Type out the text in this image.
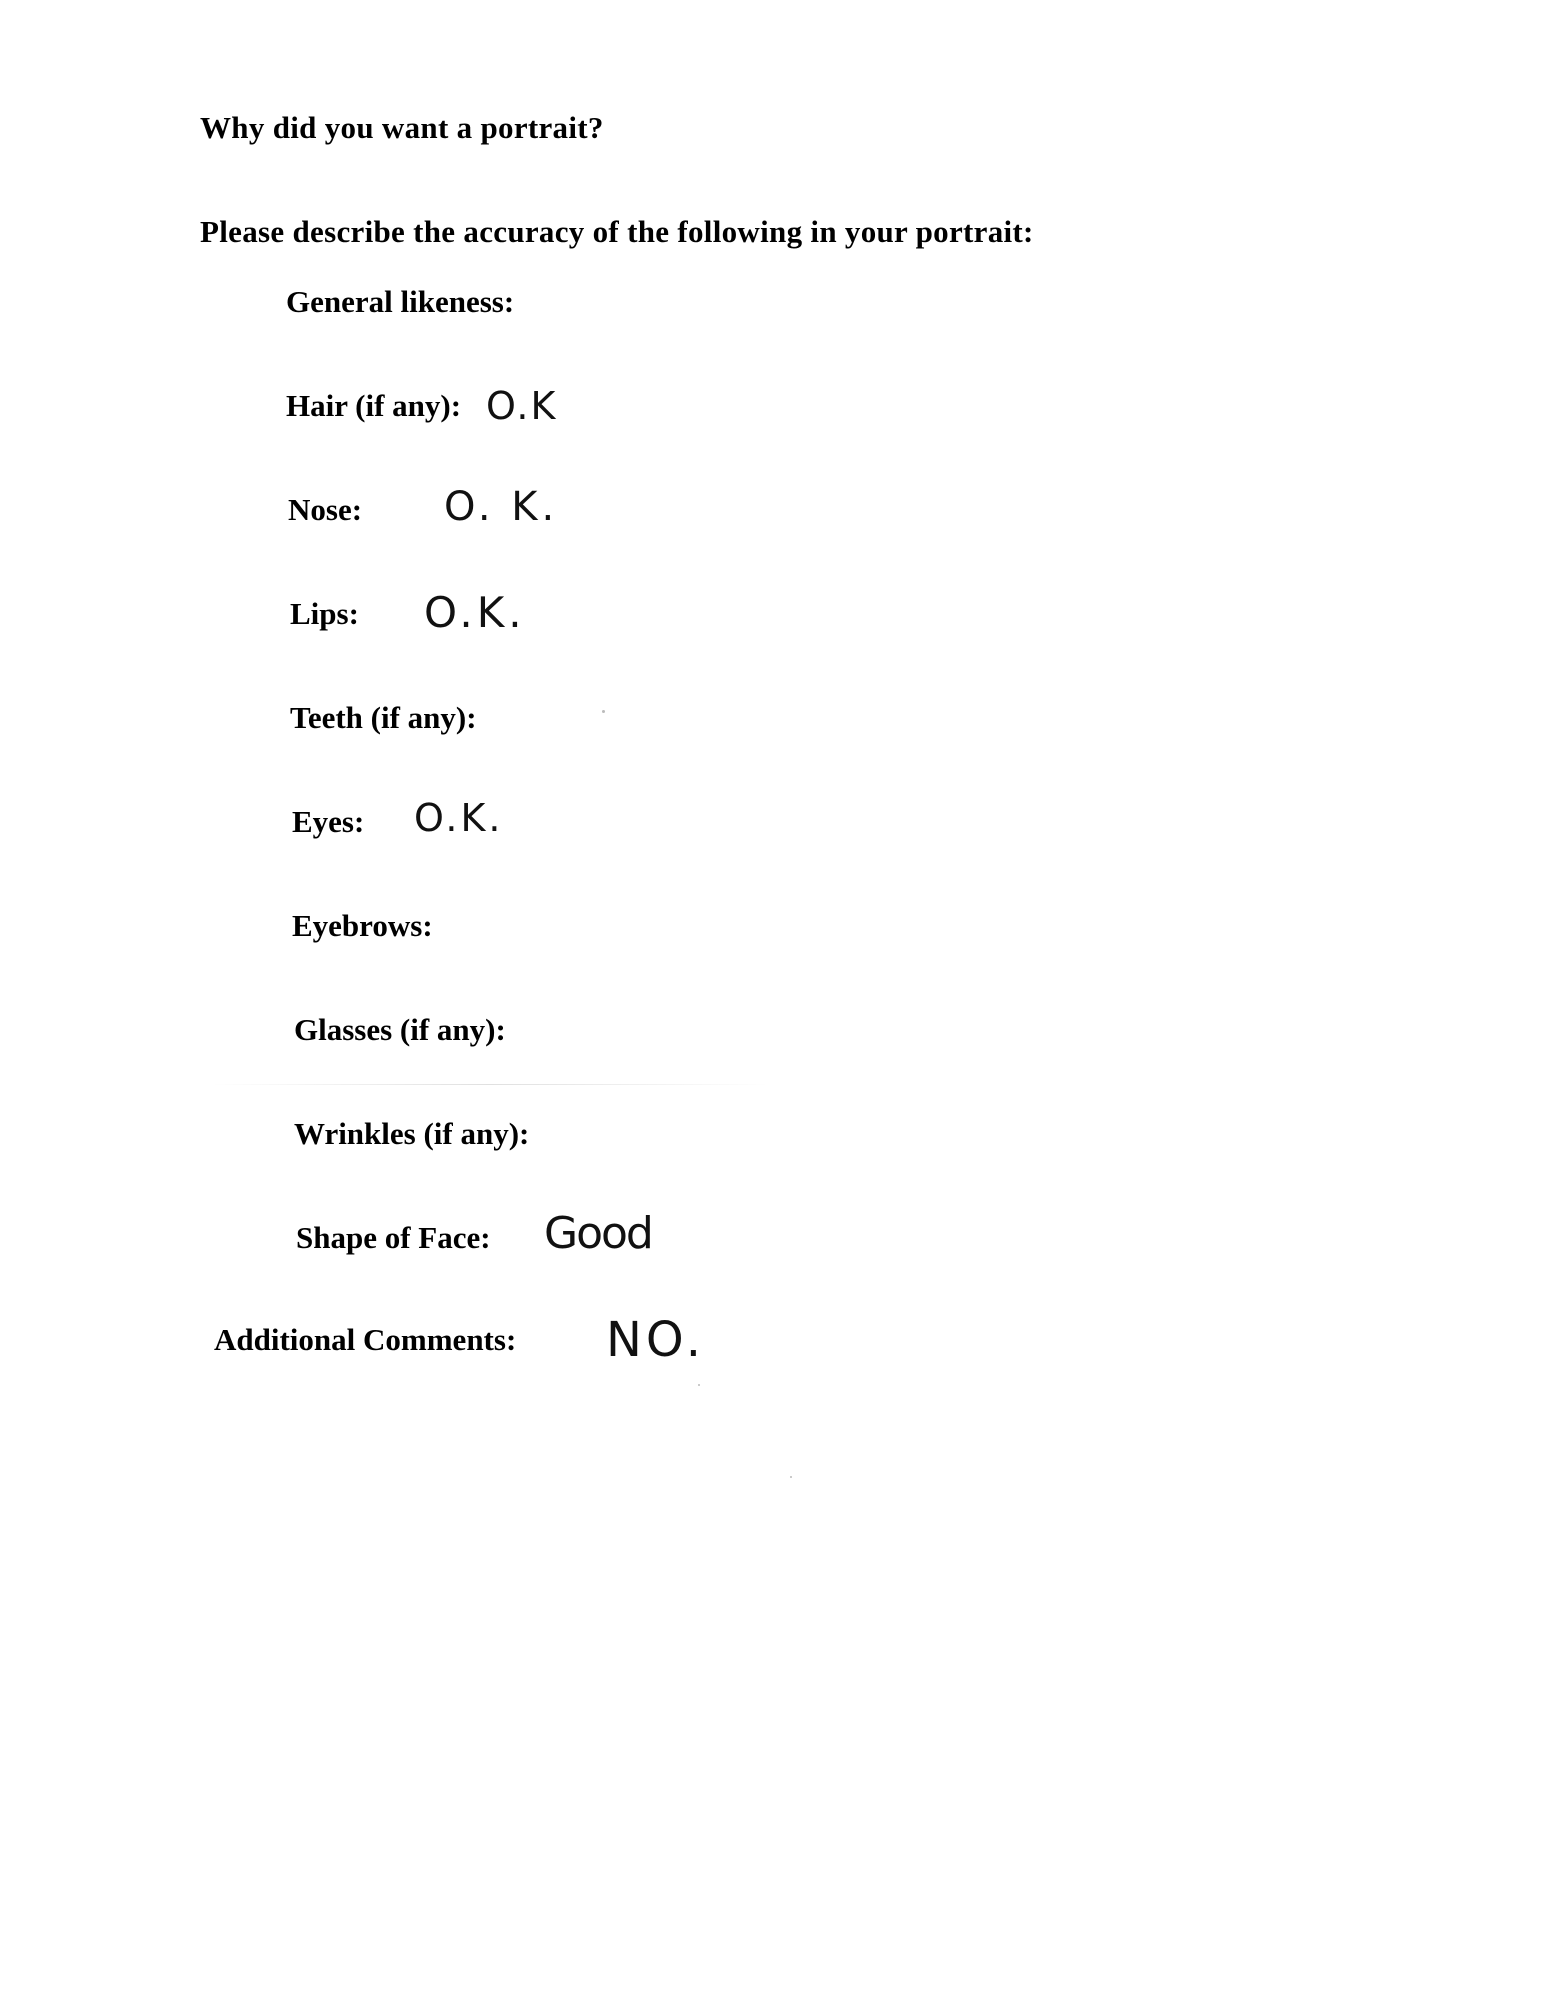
Why did you want a portrait?
Please describe the accuracy of the following in your portrait:
General likeness:
Hair (if any): O.K
Nose: O. K.
Lips: O.K.
Teeth (if any):
Eyes: O.K.
Eyebrows:
Glasses (if any):
Wrinkles (if any):
Shape of Face: Good
Additional Comments: NO.
